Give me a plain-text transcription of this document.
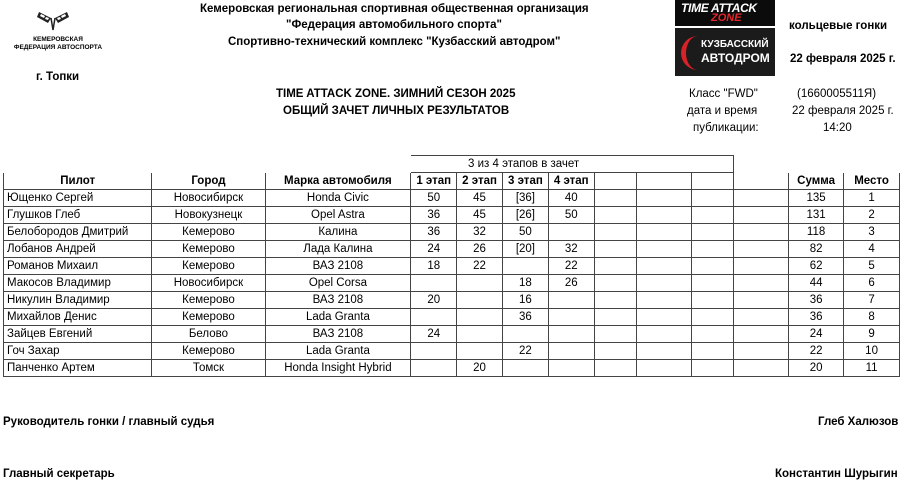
КЕМЕРОВСКАЯ
ФЕДЕРАЦИЯ АВТОСПОРТА
Кемеровская региональная спортивная общественная организация
"Федерация автомобильного спорта"
Спортивно-технический комплекс "Кузбасский автодром"
г. Топки
TIME ATTACK
ZONE
КУЗБАССКИЙ
АВТОДРОМ
кольцевые гонки
22 февраля 2025 г.
TIME ATTACK ZONE. ЗИМНИЙ СЕЗОН 2025
ОБЩИЙ ЗАЧЕТ ЛИЧНЫХ РЕЗУЛЬТАТОВ
Класс "FWD"	(1660005511Я)
дата и время	22 февраля 2025 г.
публикации:	14:20
			3 из 4 этапов в зачет									
Пилот	Город	Марка автомобиля	1 этап	2 этап	3 этап	4 этап					Сумма	Место
Ющенко Сергей	Новосибирск	Honda Civic	50	45	[36]	40					135	1
Глушков Глеб	Новокузнецк	Opel Astra	36	45	[26]	50					131	2
Белобородов Дмитрий	Кемерово	Калина	36	32	50						118	3
Лобанов Андрей	Кемерово	Лада Калина	24	26	[20]	32					82	4
Романов Михаил	Кемерово	ВАЗ 2108	18	22		22					62	5
Макосов Владимир	Новосибирск	Opel Corsa			18	26					44	6
Никулин Владимир	Кемерово	ВАЗ 2108	20		16						36	7
Михайлов Денис	Кемерово	Lada Granta			36						36	8
Зайцев Евгений	Белово	ВАЗ 2108	24								24	9
Гоч Захар	Кемерово	Lada Granta			22						22	10
Панченко Артем	Томск	Honda Insight Hybrid		20							20	11
Руководитель гонки / главный судья	Глеб Халюзов
Главный секретарь	Константин Шурыгин
